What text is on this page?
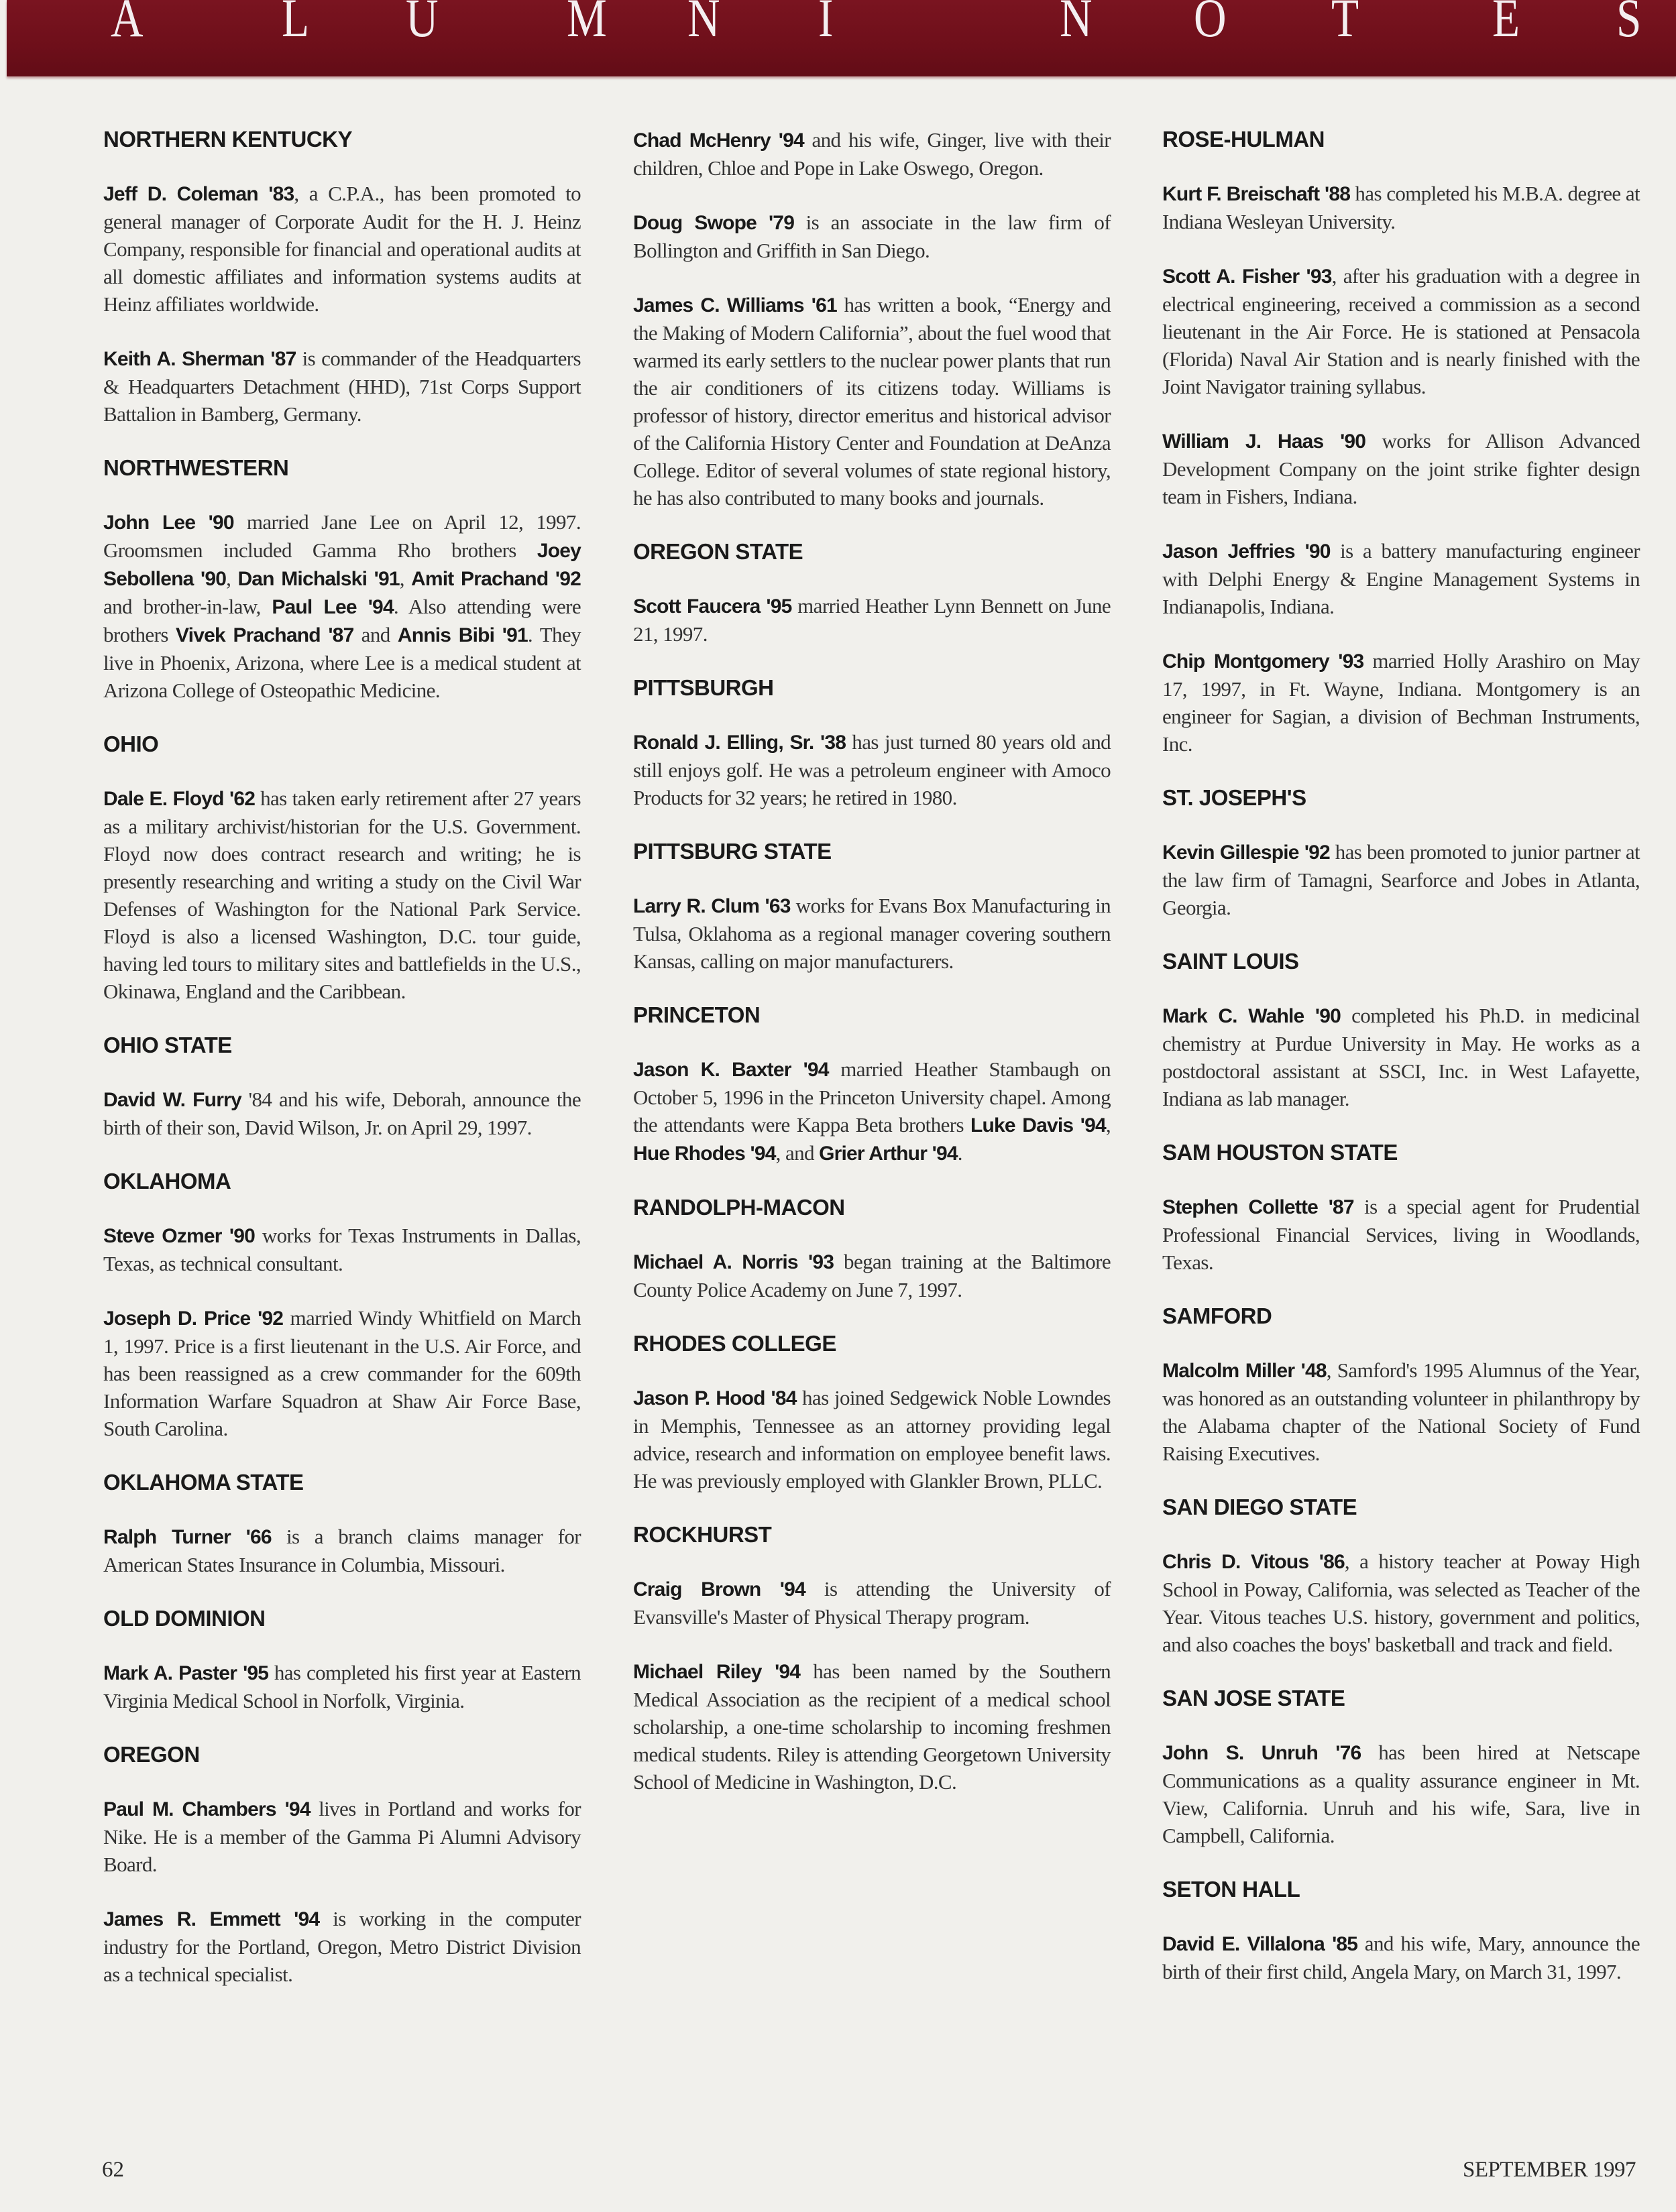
A	L U M N I	N O T E S
NORTHERN KENTUCKY

Jeff D. Coleman '83, a C.P.A., has been promoted to general manager of Corporate Audit for the H. J. Heinz Company, responsible for financial and operational audits at all domestic affiliates and information systems audits at Heinz affiliates worldwide.

Keith A. Sherman '87 is commander of the Headquarters & Headquarters Detachment (HHD), 71st Corps Support Battalion in Bamberg, Germany.

NORTHWESTERN

John Lee '90 married Jane Lee on April 12, 1997. Groomsmen included Gamma Rho brothers Joey Sebollena '90, Dan Michalski '91, Amit Prachand '92 and brother-in-law, Paul Lee '94. Also attending were brothers Vivek Prachand '87 and Annis Bibi '91. They live in Phoenix, Arizona, where Lee is a medical student at Arizona College of Osteopathic Medicine.

OHIO

Dale E. Floyd '62 has taken early retirement after 27 years as a military archivist/historian for the U.S. Government. Floyd now does contract research and writing; he is presently researching and writing a study on the Civil War Defenses of Washington for the National Park Service. Floyd is also a licensed Washington, D.C. tour guide, having led tours to military sites and battlefields in the U.S., Okinawa, England and the Caribbean.

OHIO STATE

David W. Furry '84 and his wife, Deborah, announce the birth of their son, David Wilson, Jr. on April 29, 1997.

OKLAHOMA

Steve Ozmer '90 works for Texas Instruments in Dallas, Texas, as technical consultant.

Joseph D. Price '92 married Windy Whitfield on March 1, 1997. Price is a first lieutenant in the U.S. Air Force, and has been reassigned as a crew commander for the 609th Information Warfare Squadron at Shaw Air Force Base, South Carolina.

OKLAHOMA STATE

Ralph Turner '66 is a branch claims manager for American States Insurance in Columbia, Missouri.

OLD DOMINION

Mark A. Paster '95 has completed his first year at Eastern Virginia Medical School in Norfolk, Virginia.

OREGON

Paul M. Chambers '94 lives in Portland and works for Nike. He is a member of the Gamma Pi Alumni Advisory Board.

James R. Emmett '94 is working in the computer industry for the Portland, Oregon, Metro District Division as a technical specialist.

Chad McHenry '94 and his wife, Ginger, live with their children, Chloe and Pope in Lake Oswego, Oregon.

Doug Swope '79 is an associate in the law firm of Bollington and Griffith in San Diego.

James C. Williams '61 has written a book, “Energy and the Making of Modern California”, about the fuel wood that warmed its early settlers to the nuclear power plants that run the air conditioners of its citizens today. Williams is professor of history, director emeritus and historical advisor of the California History Center and Foundation at DeAnza College. Editor of several volumes of state regional history, he has also contributed to many books and journals.

OREGON STATE

Scott Faucera '95 married Heather Lynn Bennett on June 21, 1997.

PITTSBURGH

Ronald J. Elling, Sr. '38 has just turned 80 years old and still enjoys golf. He was a petroleum engineer with Amoco Products for 32 years; he retired in 1980.

PITTSBURG STATE

Larry R. Clum '63 works for Evans Box Manufacturing in Tulsa, Oklahoma as a regional manager covering southern Kansas, calling on major manufacturers.

PRINCETON

Jason K. Baxter '94 married Heather Stambaugh on October 5, 1996 in the Princeton University chapel. Among the attendants were Kappa Beta brothers Luke Davis '94, Hue Rhodes '94, and Grier Arthur '94.

RANDOLPH-MACON

Michael A. Norris '93 began training at the Baltimore County Police Academy on June 7, 1997.

RHODES COLLEGE

Jason P. Hood '84 has joined Sedgewick Noble Lowndes in Memphis, Tennessee as an attorney providing legal advice, research and information on employee benefit laws. He was previously employed with Glankler Brown, PLLC.

ROCKHURST

Craig Brown '94 is attending the University of Evansville's Master of Physical Therapy program.

Michael Riley '94 has been named by the Southern Medical Association as the recipient of a medical school scholarship, a one-time scholarship to incoming freshmen medical students. Riley is attending Georgetown University School of Medicine in Washington, D.C.

ROSE-HULMAN

Kurt F. Breischaft '88 has completed his M.B.A. degree at Indiana Wesleyan University.

Scott A. Fisher '93, after his graduation with a degree in electrical engineering, received a commission as a second lieutenant in the Air Force. He is stationed at Pensacola (Florida) Naval Air Station and is nearly finished with the Joint Navigator training syllabus.

William J. Haas '90 works for Allison Advanced Development Company on the joint strike fighter design team in Fishers, Indiana.

Jason Jeffries '90 is a battery manufacturing engineer with Delphi Energy & Engine Management Systems in Indianapolis, Indiana.

Chip Montgomery '93 married Holly Arashiro on May 17, 1997, in Ft. Wayne, Indiana. Montgomery is an engineer for Sagian, a division of Bechman Instruments, Inc.

ST. JOSEPH'S

Kevin Gillespie '92 has been promoted to junior partner at the law firm of Tamagni, Searforce and Jobes in Atlanta, Georgia.

SAINT LOUIS

Mark C. Wahle '90 completed his Ph.D. in medicinal chemistry at Purdue University in May. He works as a postdoctoral assistant at SSCI, Inc. in West Lafayette, Indiana as lab manager.

SAM HOUSTON STATE

Stephen Collette '87 is a special agent for Prudential Professional Financial Services, living in Woodlands, Texas.

SAMFORD

Malcolm Miller '48, Samford's 1995 Alumnus of the Year, was honored as an outstanding volunteer in philanthropy by the Alabama chapter of the National Society of Fund Raising Executives.

SAN DIEGO STATE

Chris D. Vitous '86, a history teacher at Poway High School in Poway, California, was selected as Teacher of the Year. Vitous teaches U.S. history, government and politics, and also coaches the boys' basketball and track and field.

SAN JOSE STATE

John S. Unruh '76 has been hired at Netscape Communications as a quality assurance engineer in Mt. View, California. Unruh and his wife, Sara, live in Campbell, California.

SETON HALL

David E. Villalona '85 and his wife, Mary, announce the birth of their first child, Angela Mary, on March 31, 1997.

62	SEPTEMBER 1997
